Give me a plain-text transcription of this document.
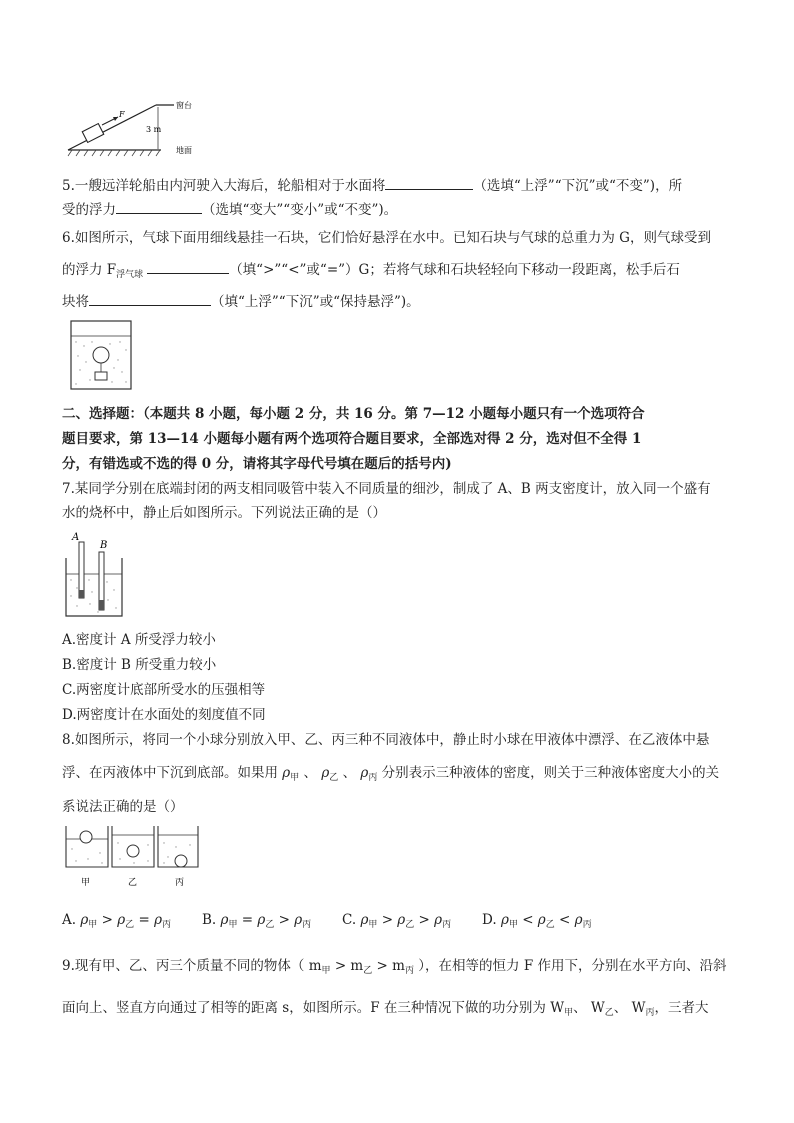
F
3 m
窗台
地面
5.一艘远洋轮船由内河驶入大海后，轮船相对于水面将	（选填“上浮”“下沉”或“不变”)，所
受的浮力	（选填“变大”“变小”或“不变”)。
6.如图所示，气球下面用细线悬挂一石块，它们恰好悬浮在水中。已知石块与气球的总重力为 G，则气球受到
的浮力 $F_{浮气球}$	（填“>”“<”或“=”）G；若将气球和石块轻轻向下移动一段距离，松手后石
块将	（填“上浮”“下沉”或“保持悬浮”)。
二、选择题：（本题共 8 小题，每小题 2 分，共 16 分。第 7—12 小题每小题只有一个选项符合
题目要求，第 13—14 小题每小题有两个选项符合题目要求，全部选对得 2 分，选对但不全得 1
分，有错选或不选的得 0 分，请将其字母代号填在题后的括号内)
7.某同学分别在底端封闭的两支相同吸管中装入不同质量的细沙，制成了 A、B 两支密度计，放入同一个盛有
水的烧杯中，静止后如图所示。下列说法正确的是（）
A
B
A.密度计 A 所受浮力较小
B.密度计 B 所受重力较小
C.两密度计底部所受水的压强相等
D.两密度计在水面处的刻度值不同
8.如图所示，将同一个小球分别放入甲、乙、丙三种不同液体中，静止时小球在甲液体中漂浮、在乙液体中悬
浮、在丙液体中下沉到底部。如果用 $\rho_甲$ 、 $\rho_乙$ 、 $\rho_丙$ 分别表示三种液体的密度，则关于三种液体密度大小的关
系说法正确的是（）
甲	乙	丙
A. $\rho_甲 > \rho_乙 = \rho_丙$ B. $\rho_甲 = \rho_乙 > \rho_丙$ C. $\rho_甲 > \rho_乙 > \rho_丙$ D. $\rho_甲 < \rho_乙 < \rho_丙$
9.现有甲、乙、丙三个质量不同的物体（ $m_甲 > m_乙 > m_丙$ ），在相等的恒力 F 作用下，分别在水平方向、沿斜
面向上、竖直方向通过了相等的距离 s，如图所示。F 在三种情况下做的功分别为 $W_甲$、 $W_乙$、 $W_丙$，三者大
